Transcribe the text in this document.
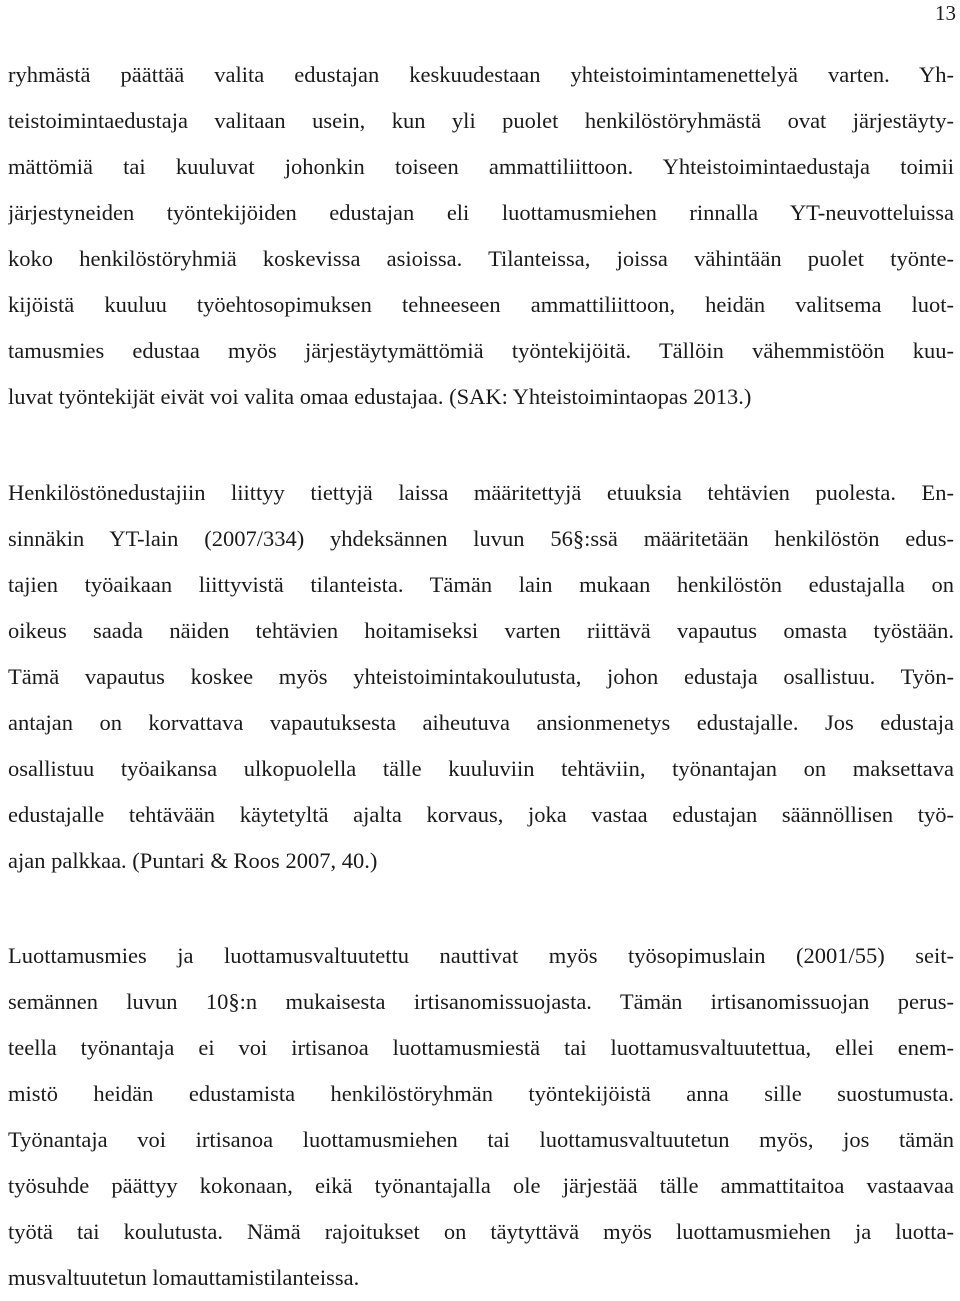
13
ryhmästä päättää valita edustajan keskuudestaan yhteistoimintamenettelyä varten. Yh-
teistoimintaedustaja valitaan usein, kun yli puolet henkilöstöryhmästä ovat järjestäyty-
mättömiä tai kuuluvat johonkin toiseen ammattiliittoon. Yhteistoimintaedustaja toimii
järjestyneiden työntekijöiden edustajan eli luottamusmiehen rinnalla YT-neuvotteluissa
koko henkilöstöryhmiä koskevissa asioissa. Tilanteissa, joissa vähintään puolet työnte-
kijöistä kuuluu työehtosopimuksen tehneeseen ammattiliittoon, heidän valitsema luot-
tamusmies edustaa myös järjestäytymättömiä työntekijöitä. Tällöin vähemmistöön kuu-
luvat työntekijät eivät voi valita omaa edustajaa. (SAK: Yhteistoimintaopas 2013.)
Henkilöstönedustajiin liittyy tiettyjä laissa määritettyjä etuuksia tehtävien puolesta. En-
sinnäkin YT-lain (2007/334) yhdeksännen luvun 56§:ssä määritetään henkilöstön edus-
tajien työaikaan liittyvistä tilanteista. Tämän lain mukaan henkilöstön edustajalla on
oikeus saada näiden tehtävien hoitamiseksi varten riittävä vapautus omasta työstään.
Tämä vapautus koskee myös yhteistoimintakoulutusta, johon edustaja osallistuu. Työn-
antajan on korvattava vapautuksesta aiheutuva ansionmenetys edustajalle. Jos edustaja
osallistuu työaikansa ulkopuolella tälle kuuluviin tehtäviin, työnantajan on maksettava
edustajalle tehtävään käytetyltä ajalta korvaus, joka vastaa edustajan säännöllisen työ-
ajan palkkaa. (Puntari & Roos 2007, 40.)
Luottamusmies ja luottamusvaltuutettu nauttivat myös työsopimuslain (2001/55) seit-
semännen luvun 10§:n mukaisesta irtisanomissuojasta. Tämän irtisanomissuojan perus-
teella työnantaja ei voi irtisanoa luottamusmiestä tai luottamusvaltuutettua, ellei enem-
mistö heidän edustamista henkilöstöryhmän työntekijöistä anna sille suostumusta.
Työnantaja voi irtisanoa luottamusmiehen tai luottamusvaltuutetun myös, jos tämän
työsuhde päättyy kokonaan, eikä työnantajalla ole järjestää tälle ammattitaitoa vastaavaa
työtä tai koulutusta. Nämä rajoitukset on täytyttävä myös luottamusmiehen ja luotta-
musvaltuutetun lomauttamistilanteissa.
